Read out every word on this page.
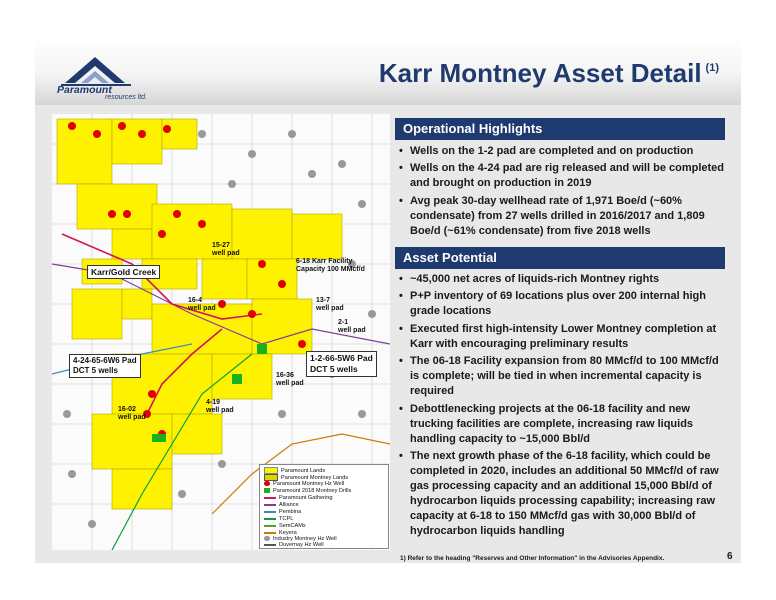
Paramount
resources ltd.
Karr Montney Asset Detail $^{(1)}$
15-27
well pad
6-18 Karr Facility
Capacity 100 MMcf/d
16-4
well pad
13-7
well pad
2-1
well pad
16-36
well pad
4-19
well pad
16-02
well pad
Karr/Gold Creek
4-24-65-6W6 Pad
DCT 5 wells
1-2-66-5W6 Pad
DCT 5 wells
Paramount Lands
Paramount Montney Lands
Paramount Montney Hz Well
Paramount 2018 Montney Drills
Paramount Gathering
Alliance
Pembina
TCPL
SemCAMs
Keyera
Industry Montney Hz Well
Duvernay Hz Well
Operational Highlights
• Wells on the 1-2 pad are completed and on production
• Wells on the 4-24 pad are rig released and will be completed and brought on production in 2019
• Avg peak 30-day wellhead rate of 1,971 Boe/d (~60% condensate) from 27 wells drilled in 2016/2017 and 1,809 Boe/d (~61% condensate) from five 2018 wells
Asset Potential
• ~45,000 net acres of liquids-rich Montney rights
• P+P inventory of 69 locations plus over 200 internal high grade locations
• Executed first high-intensity Lower Montney completion at Karr with encouraging preliminary results
• The 06-18 Facility expansion from 80 MMcf/d to 100 MMcf/d is complete; will be tied in when incremental capacity is required
• Debottlenecking projects at the 06-18 facility and new trucking facilities are complete, increasing raw liquids handling capacity to ~15,000 Bbl/d
• The next growth phase of the 6-18 facility, which could be completed in 2020, includes an additional 50 MMcf/d of raw gas processing capacity and an additional 15,000 Bbl/d of hydrocarbon liquids processing capability; increasing raw capacity at 6-18 to 150 MMcf/d gas with 30,000 Bbl/d of hydrocarbon liquids handling
1) Refer to the heading "Reserves and Other Information" in the Advisories Appendix.	6
